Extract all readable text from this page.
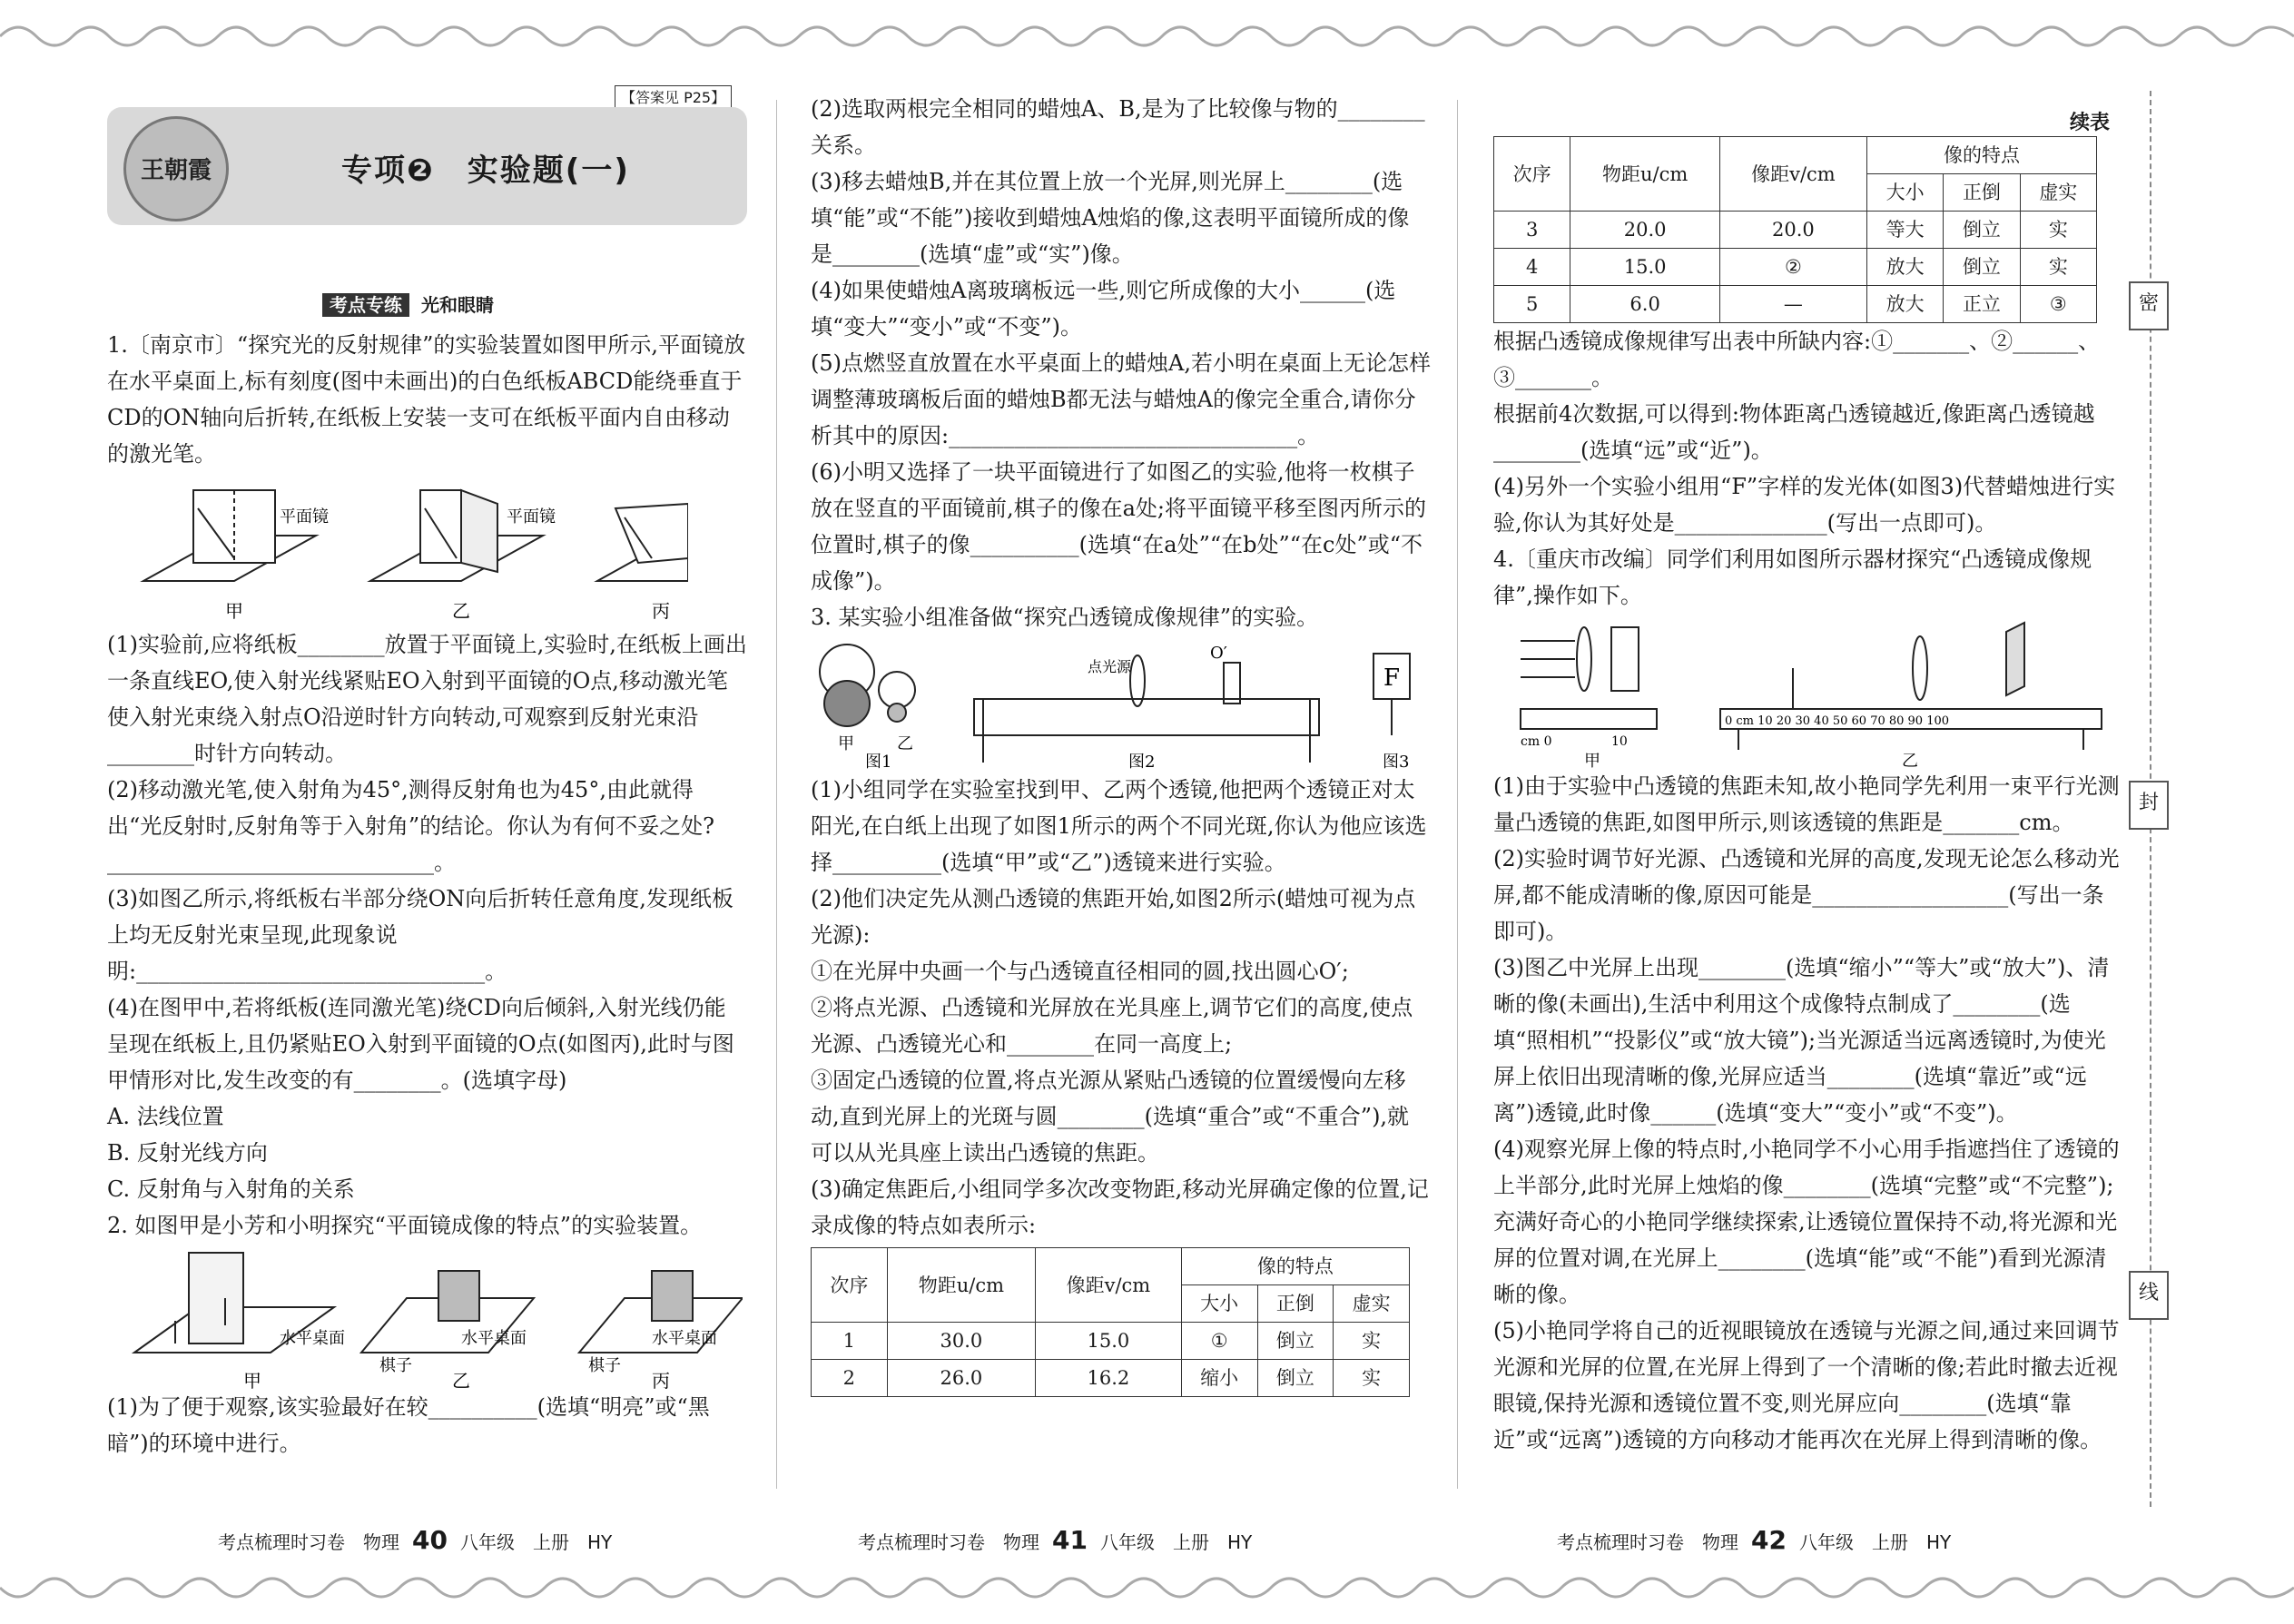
【答案见 P25】
王朝霞	专项❷　实验题(一)
考点专练 光和眼睛

1.〔南京市〕“探究光的反射规律”的实验装置如图甲所示,平面镜放在水平桌面上,标有刻度(图中未画出)的白色纸板ABCD能绕垂直于CD的ON轴向后折转,在纸板上安装一支可在纸板平面内自由移动的激光笔。

平面镜	平面镜
甲	乙	丙

(1)实验前,应将纸板________放置于平面镜上,实验时,在纸板上画出一条直线EO,使入射光线紧贴EO入射到平面镜的O点,移动激光笔使入射光束绕入射点O沿逆时针方向转动,可观察到反射光束沿________时针方向转动。

(2)移动激光笔,使入射角为45°,测得反射角也为45°,由此就得出“光反射时,反射角等于入射角”的结论。你认为有何不妥之处?______________________________。

(3)如图乙所示,将纸板右半部分绕ON向后折转任意角度,发现纸板上均无反射光束呈现,此现象说明:________________________________。

(4)在图甲中,若将纸板(连同激光笔)绕CD向后倾斜,入射光线仍能呈现在纸板上,且仍紧贴EO入射到平面镜的O点(如图丙),此时与图甲情形对比,发生改变的有________。(选填字母)

A. 法线位置

B. 反射光线方向

C. 反射角与入射角的关系

2. 如图甲是小芳和小明探究“平面镜成像的特点”的实验装置。

水平桌面	水平桌面	水平桌面
棋子	棋子
甲	乙	丙

(1)为了便于观察,该实验最好在较__________(选填“明亮”或“黑暗”)的环境中进行。

(2)选取两根完全相同的蜡烛A、B,是为了比较像与物的________关系。

(3)移去蜡烛B,并在其位置上放一个光屏,则光屏上________(选填“能”或“不能”)接收到蜡烛A烛焰的像,这表明平面镜所成的像是________(选填“虚”或“实”)像。

(4)如果使蜡烛A离玻璃板远一些,则它所成像的大小______(选填“变大”“变小”或“不变”)。

(5)点燃竖直放置在水平桌面上的蜡烛A,若小明在桌面上无论怎样调整薄玻璃板后面的蜡烛B都无法与蜡烛A的像完全重合,请你分析其中的原因:________________________________。

(6)小明又选择了一块平面镜进行了如图乙的实验,他将一枚棋子放在竖直的平面镜前,棋子的像在a处;将平面镜平移至图丙所示的位置时,棋子的像__________(选填“在a处”“在b处”“在c处”或“不成像”)。

3. 某实验小组准备做“探究凸透镜成像规律”的实验。

甲	乙
点光源
O′
F
图1	图2	图3

(1)小组同学在实验室找到甲、乙两个透镜,他把两个透镜正对太阳光,在白纸上出现了如图1所示的两个不同光斑,你认为他应该选择__________(选填“甲”或“乙”)透镜来进行实验。

(2)他们决定先从测凸透镜的焦距开始,如图2所示(蜡烛可视为点光源):

①在光屏中央画一个与凸透镜直径相同的圆,找出圆心O′;

②将点光源、凸透镜和光屏放在光具座上,调节它们的高度,使点光源、凸透镜光心和________在同一高度上;

③固定凸透镜的位置,将点光源从紧贴凸透镜的位置缓慢向左移动,直到光屏上的光斑与圆________(选填“重合”或“不重合”),就可以从光具座上读出凸透镜的焦距。

(3)确定焦距后,小组同学多次改变物距,移动光屏确定像的位置,记录成像的特点如表所示:

次序	物距u/cm	像距v/cm	像的特点		
			大小	正倒	虚实
1	30.0	15.0	①	倒立	实
2	26.0	16.2	缩小	倒立	实
续表
次序	物距u/cm	像距v/cm	像的特点		
			大小	正倒	虚实
3	20.0	20.0	等大	倒立	实
4	15.0	②	放大	倒立	实
5	6.0	—	放大	正立	③

根据凸透镜成像规律写出表中所缺内容:①_______、②______、③_______。

根据前4次数据,可以得到:物体距离凸透镜越近,像距离凸透镜越________(选填“远”或“近”)。

(4)另外一个实验小组用“F”字样的发光体(如图3)代替蜡烛进行实验,你认为其好处是______________(写出一点即可)。

4.〔重庆市改编〕同学们利用如图所示器材探究“凸透镜成像规律”,操作如下。

cm 0	10
0 cm 10 20 30 40 50 60 70 80 90 100
甲	乙

(1)由于实验中凸透镜的焦距未知,故小艳同学先利用一束平行光测量凸透镜的焦距,如图甲所示,则该透镜的焦距是_______cm。

(2)实验时调节好光源、凸透镜和光屏的高度,发现无论怎么移动光屏,都不能成清晰的像,原因可能是__________________(写出一条即可)。

(3)图乙中光屏上出现________(选填“缩小”“等大”或“放大”)、清晰的像(未画出),生活中利用这个成像特点制成了________(选填“照相机”“投影仪”或“放大镜”);当光源适当远离透镜时,为使光屏上依旧出现清晰的像,光屏应适当________(选填“靠近”或“远离”)透镜,此时像______(选填“变大”“变小”或“不变”)。

(4)观察光屏上像的特点时,小艳同学不小心用手指遮挡住了透镜的上半部分,此时光屏上烛焰的像________(选填“完整”或“不完整”);充满好奇心的小艳同学继续探索,让透镜位置保持不动,将光源和光屏的位置对调,在光屏上________(选填“能”或“不能”)看到光源清晰的像。

(5)小艳同学将自己的近视眼镜放在透镜与光源之间,通过来回调节光源和光屏的位置,在光屏上得到了一个清晰的像;若此时撤去近视眼镜,保持光源和透镜位置不变,则光屏应向________(选填“靠近”或“远离”)透镜的方向移动才能再次在光屏上得到清晰的像。

密
封
线
考点梳理时习卷　物理 40 八年级　上册　HY	考点梳理时习卷　物理 41 八年级　上册　HY	考点梳理时习卷　物理 42 八年级　上册　HY
